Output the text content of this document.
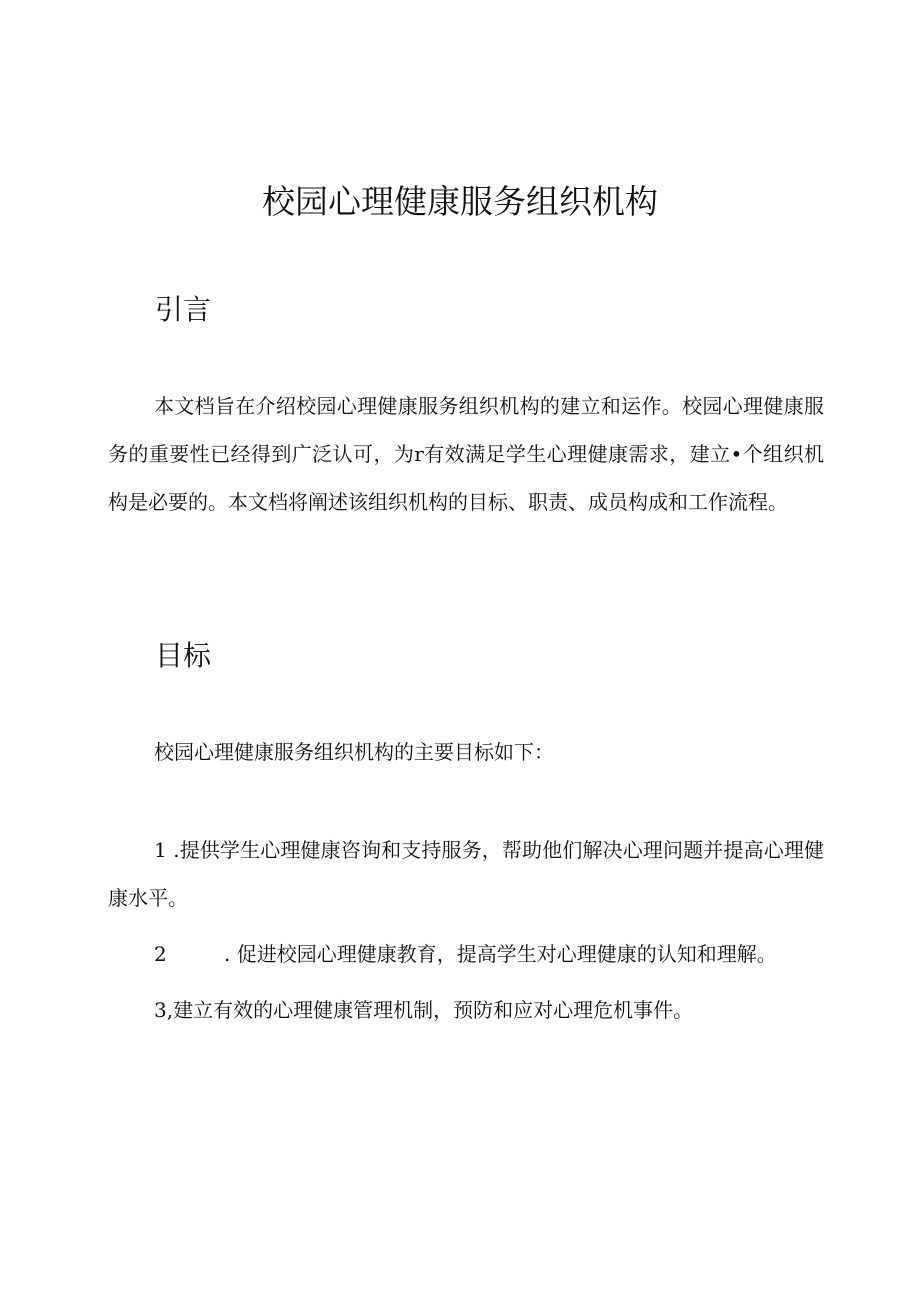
校园心理健康服务组织机构
引言

本文档旨在介绍校园心理健康服务组织机构的建立和运作。校园心理健康服务的重要性已经得到广泛认可，为r有效满足学生心理健康需求，建立•个组织机构是必要的。本文档将阐述该组织机构的目标、职责、成员构成和工作流程。

目标

校园心理健康服务组织机构的主要目标如下：

1 .提供学生心理健康咨询和支持服务，帮助他们解决心理问题并提高心理健康水平。
2	. 促进校园心理健康教育，提高学生对心理健康的认知和理解。
3,建立有效的心理健康管理机制，预防和应对心理危机事件。
